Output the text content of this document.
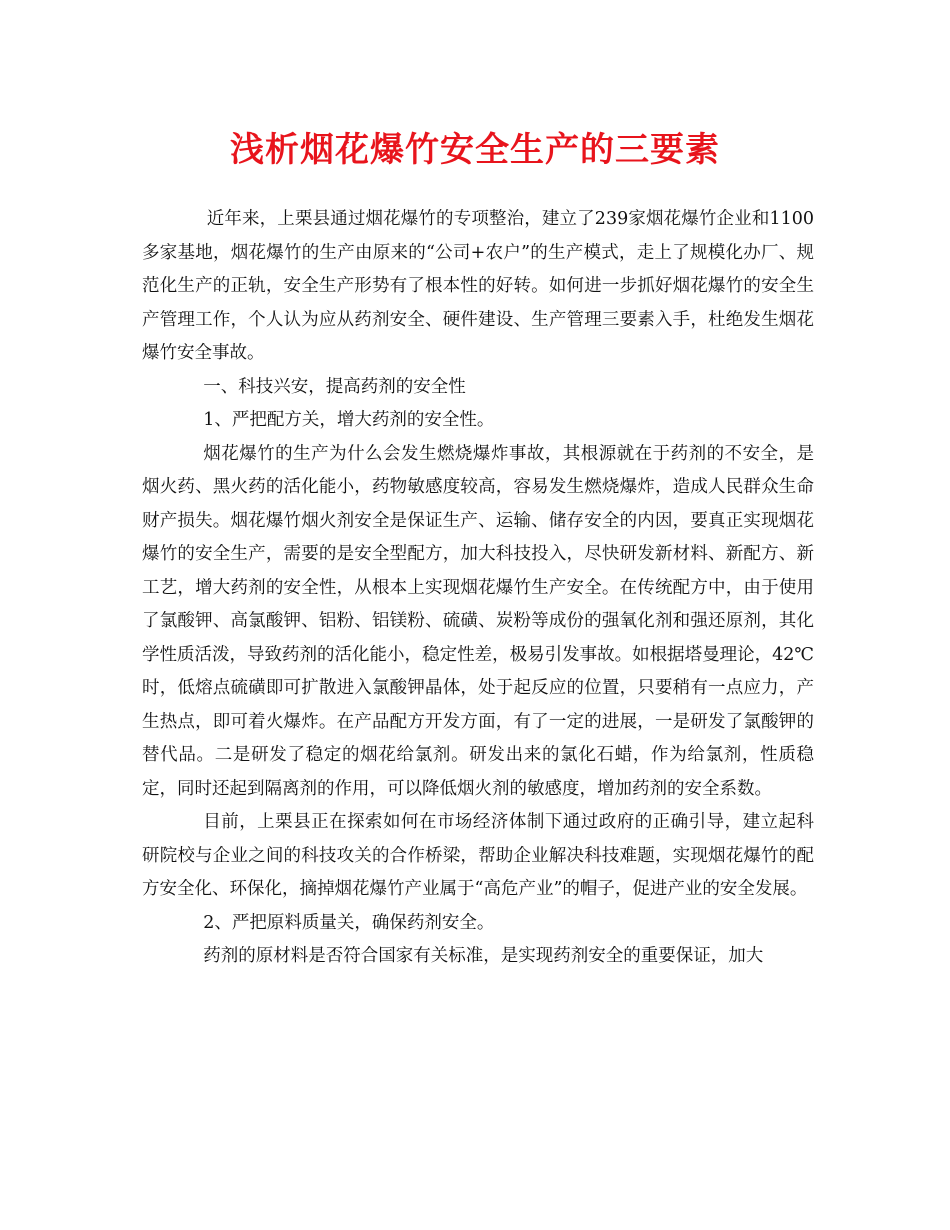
浅析烟花爆竹安全生产的三要素

近年来，上栗县通过烟花爆竹的专项整治，建立了239家烟花爆竹企业和1100多家基地，烟花爆竹的生产由原来的“公司+农户”的生产模式，走上了规模化办厂、规范化生产的正轨，安全生产形势有了根本性的好转。如何进一步抓好烟花爆竹的安全生产管理工作，个人认为应从药剂安全、硬件建设、生产管理三要素入手，杜绝发生烟花爆竹安全事故。

一、科技兴安，提高药剂的安全性

1、严把配方关，增大药剂的安全性。

烟花爆竹的生产为什么会发生燃烧爆炸事故，其根源就在于药剂的不安全，是烟火药、黑火药的活化能小，药物敏感度较高，容易发生燃烧爆炸，造成人民群众生命财产损失。烟花爆竹烟火剂安全是保证生产、运输、储存安全的内因，要真正实现烟花爆竹的安全生产，需要的是安全型配方，加大科技投入，尽快研发新材料、新配方、新工艺，增大药剂的安全性，从根本上实现烟花爆竹生产安全。在传统配方中，由于使用了氯酸钾、高氯酸钾、铝粉、铝镁粉、硫磺、炭粉等成份的强氧化剂和强还原剂，其化学性质活泼，导致药剂的活化能小，稳定性差，极易引发事故。如根据塔曼理论，42℃时，低熔点硫磺即可扩散进入氯酸钾晶体，处于起反应的位置，只要稍有一点应力，产生热点，即可着火爆炸。在产品配方开发方面，有了一定的进展，一是研发了氯酸钾的替代品。二是研发了稳定的烟花给氯剂。研发出来的氯化石蜡，作为给氯剂，性质稳定，同时还起到隔离剂的作用，可以降低烟火剂的敏感度，增加药剂的安全系数。

目前，上栗县正在探索如何在市场经济体制下通过政府的正确引导，建立起科研院校与企业之间的科技攻关的合作桥梁，帮助企业解决科技难题，实现烟花爆竹的配方安全化、环保化，摘掉烟花爆竹产业属于“高危产业”的帽子，促进产业的安全发展。

2、严把原料质量关，确保药剂安全。

药剂的原材料是否符合国家有关标准，是实现药剂安全的重要保证，加大
